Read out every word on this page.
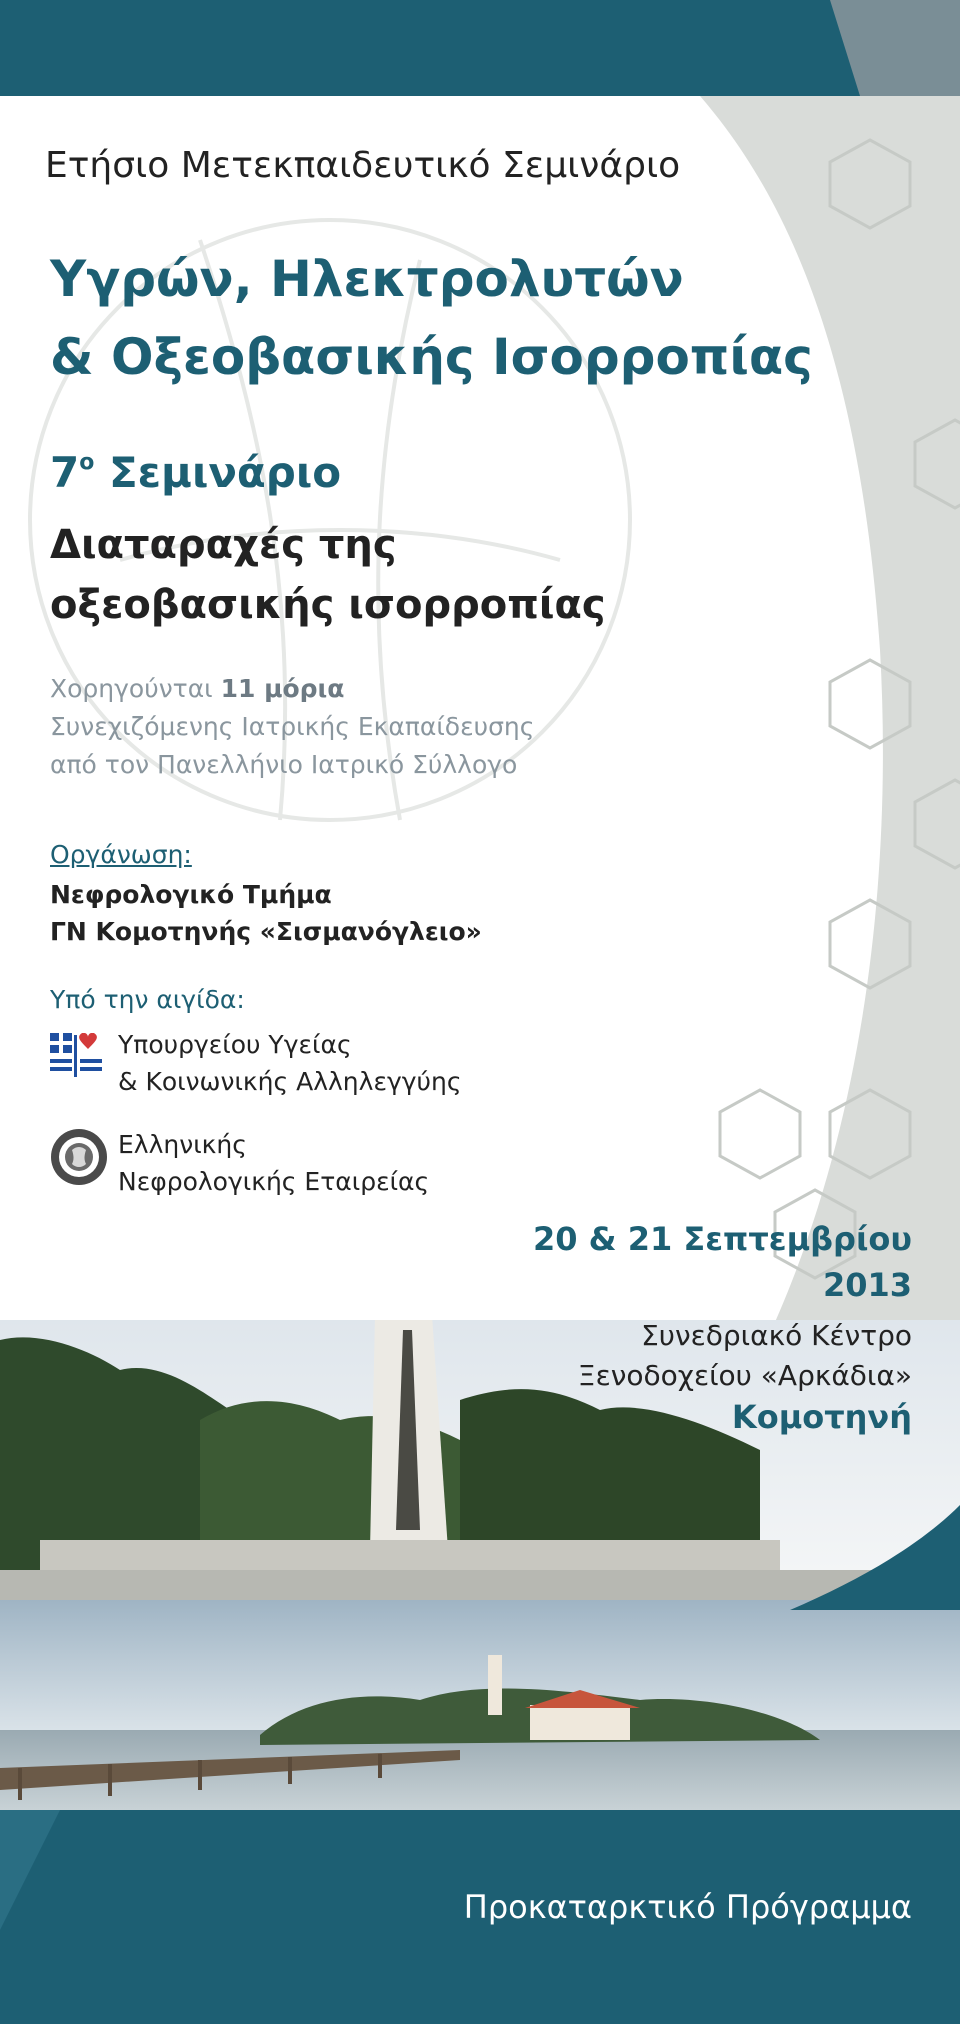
Ετήσιο Μετεκπαιδευτικό Σεμινάριο
Υγρών, Ηλεκτρολυτών
& Οξεοβασικής Ισορροπίας
$7^o$ Σεμινάριο
Διαταραχές της
οξεοβασικής ισορροπίας
Χορηγούνται 11 μόρια
Συνεχιζόμενης Ιατρικής Εκαπαίδευσης
από τον Πανελλήνιο Ιατρικό Σύλλογο
Οργάνωση:
Νεφρολογικό Τμήμα
ΓΝ Κομοτηνής «Σισμανόγλειο»
Υπό την αιγίδα:
Υπουργείου Υγείας
& Κοινωνικής Αλληλεγγύης
Ελληνικής
Νεφρολογικής Εταιρείας
20 & 21 Σεπτεμβρίου
2013
Συνεδριακό Κέντρο
Ξενοδοχείου «Αρκάδια»
Κομοτηνή
Προκαταρκτικό Πρόγραμμα
